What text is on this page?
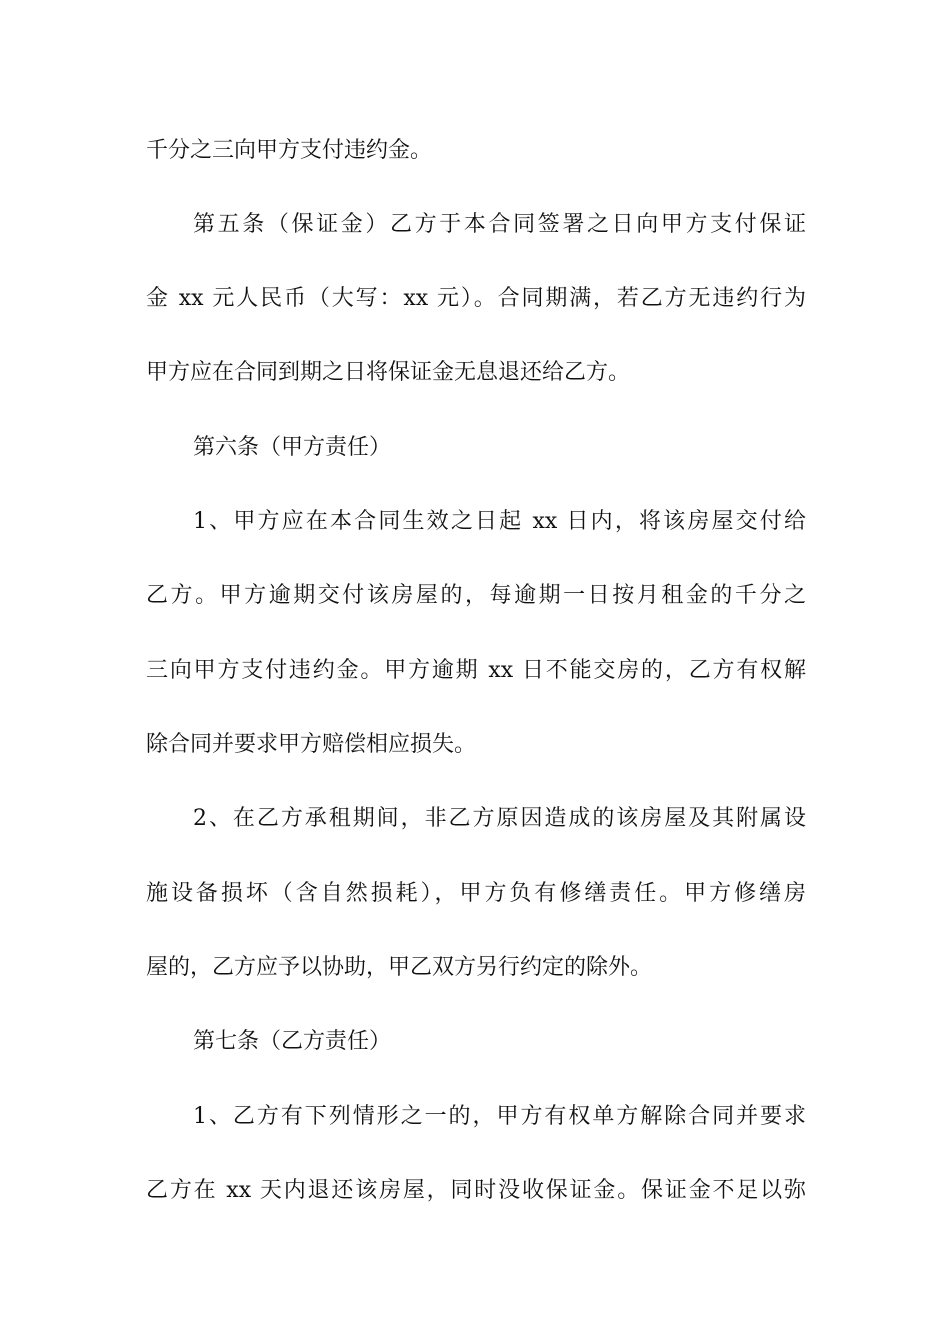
千分之三向甲方支付违约金。
第五条（保证金）乙方于本合同签署之日向甲方支付保证
金 xx 元人民币（大写：xx 元）。合同期满，若乙方无违约行为
甲方应在合同到期之日将保证金无息退还给乙方。
第六条（甲方责任）
1、甲方应在本合同生效之日起 xx 日内，将该房屋交付给
乙方。甲方逾期交付该房屋的，每逾期一日按月租金的千分之
三向甲方支付违约金。甲方逾期 xx 日不能交房的，乙方有权解
除合同并要求甲方赔偿相应损失。
2、在乙方承租期间，非乙方原因造成的该房屋及其附属设
施设备损坏（含自然损耗），甲方负有修缮责任。甲方修缮房
屋的，乙方应予以协助，甲乙双方另行约定的除外。
第七条（乙方责任）
1、乙方有下列情形之一的，甲方有权单方解除合同并要求
乙方在 xx 天内退还该房屋，同时没收保证金。保证金不足以弥
